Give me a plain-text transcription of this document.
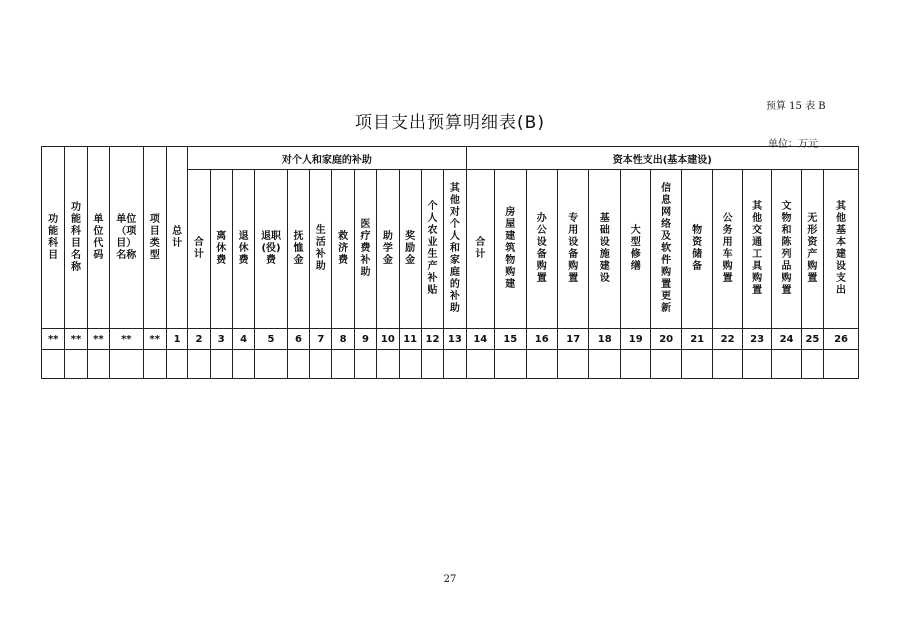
预算 15 表 B
项目支出预算明细表(B)
单位：万元
功能科目	功能科目名称	单位代码	单位（项目）名称	项目类型	总计	对个人和家庭的补助												资本性支出(基本建设)												
						合计	离休费	退休费	退职(役)费	抚恤金	生活补助	救济费	医疗费补助	助学金	奖励金	个人农业生产补贴	其他对个人和家庭的补助	合计	房屋建筑物购建	办公设备购置	专用设备购置	基础设施建设	大型修缮	信息网络及软件购置更新	物资储备	公务用车购置	其他交通工具购置	文物和陈列品购置	无形资产购置	其他基本建设支出
**	**	**	**	**	1	2	3	4	5	6	7	8	9	10	11	12	13	14	15	16	17	18	19	20	21	22	23	24	25	26

27
